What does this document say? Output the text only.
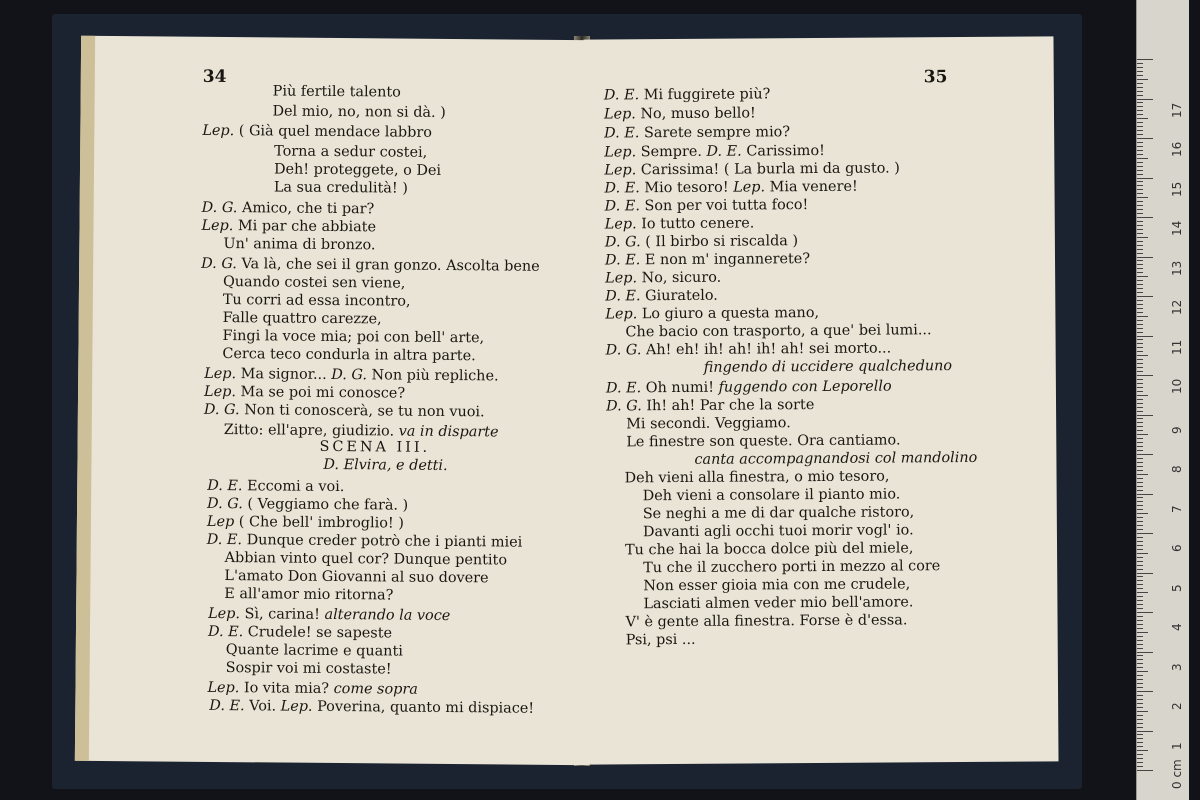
34
Più fertile talento
Del mio, no, non si dà. )
Lep. ( Già quel mendace labbro
Torna a sedur costei,
Deh! proteggete, o Dei
La sua credulità! )
D. G. Amico, che ti par?
Lep. Mi par che abbiate
Un' anima di bronzo.
D. G. Va là, che sei il gran gonzo. Ascolta bene
Quando costei sen viene,
Tu corri ad essa incontro,
Falle quattro carezze,
Fingi la voce mia; poi con bell' arte,
Cerca teco condurla in altra parte.
Lep. Ma signor... D. G. Non più repliche.
Lep. Ma se poi mi conosce?
D. G. Non ti conoscerà, se tu non vuoi.
Zitto: ell'apre, giudizio. va in disparte
SCENA III.
D. Elvira, e detti.
D. E. Eccomi a voi.
D. G. ( Veggiamo che farà. )
Lep ( Che bell' imbroglio! )
D. E. Dunque creder potrò che i pianti miei
Abbian vinto quel cor? Dunque pentito
L'amato Don Giovanni al suo dovere
E all'amor mio ritorna?
Lep. Sì, carina! alterando la voce
D. E. Crudele! se sapeste
Quante lacrime e quanti
Sospir voi mi costaste!
Lep. Io vita mia? come sopra
D. E. Voi. Lep. Poverina, quanto mi dispiace!
35
D. E. Mi fuggirete più?
Lep. No, muso bello!
D. E. Sarete sempre mio?
Lep. Sempre. D. E. Carissimo!
Lep. Carissima! ( La burla mi da gusto. )
D. E. Mio tesoro! Lep. Mia venere!
D. E. Son per voi tutta foco!
Lep. Io tutto cenere.
D. G. ( Il birbo si riscalda )
D. E. E non m' ingannerete?
Lep. No, sicuro.
D. E. Giuratelo.
Lep. Lo giuro a questa mano,
Che bacio con trasporto, a que' bei lumi...
D. G. Ah! eh! ih! ah! ih! ah! sei morto...
fingendo di uccidere qualcheduno
D. E. Oh numi! fuggendo con Leporello
D. G. Ih! ah! Par che la sorte
Mi secondi. Veggiamo.
Le finestre son queste. Ora cantiamo.
canta accompagnandosi col mandolino
Deh vieni alla finestra, o mio tesoro,
Deh vieni a consolare il pianto mio.
Se neghi a me di dar qualche ristoro,
Davanti agli occhi tuoi morir vogl' io.
Tu che hai la bocca dolce più del miele,
Tu che il zucchero porti in mezzo al core
Non esser gioia mia con me crudele,
Lasciati almen veder mio bell'amore.
V' è gente alla finestra. Forse è d'essa.
Psi, psi ...
0 cm
1
2
3
4
5
6
7
8
9
10
11
12
13
14
15
16
17
